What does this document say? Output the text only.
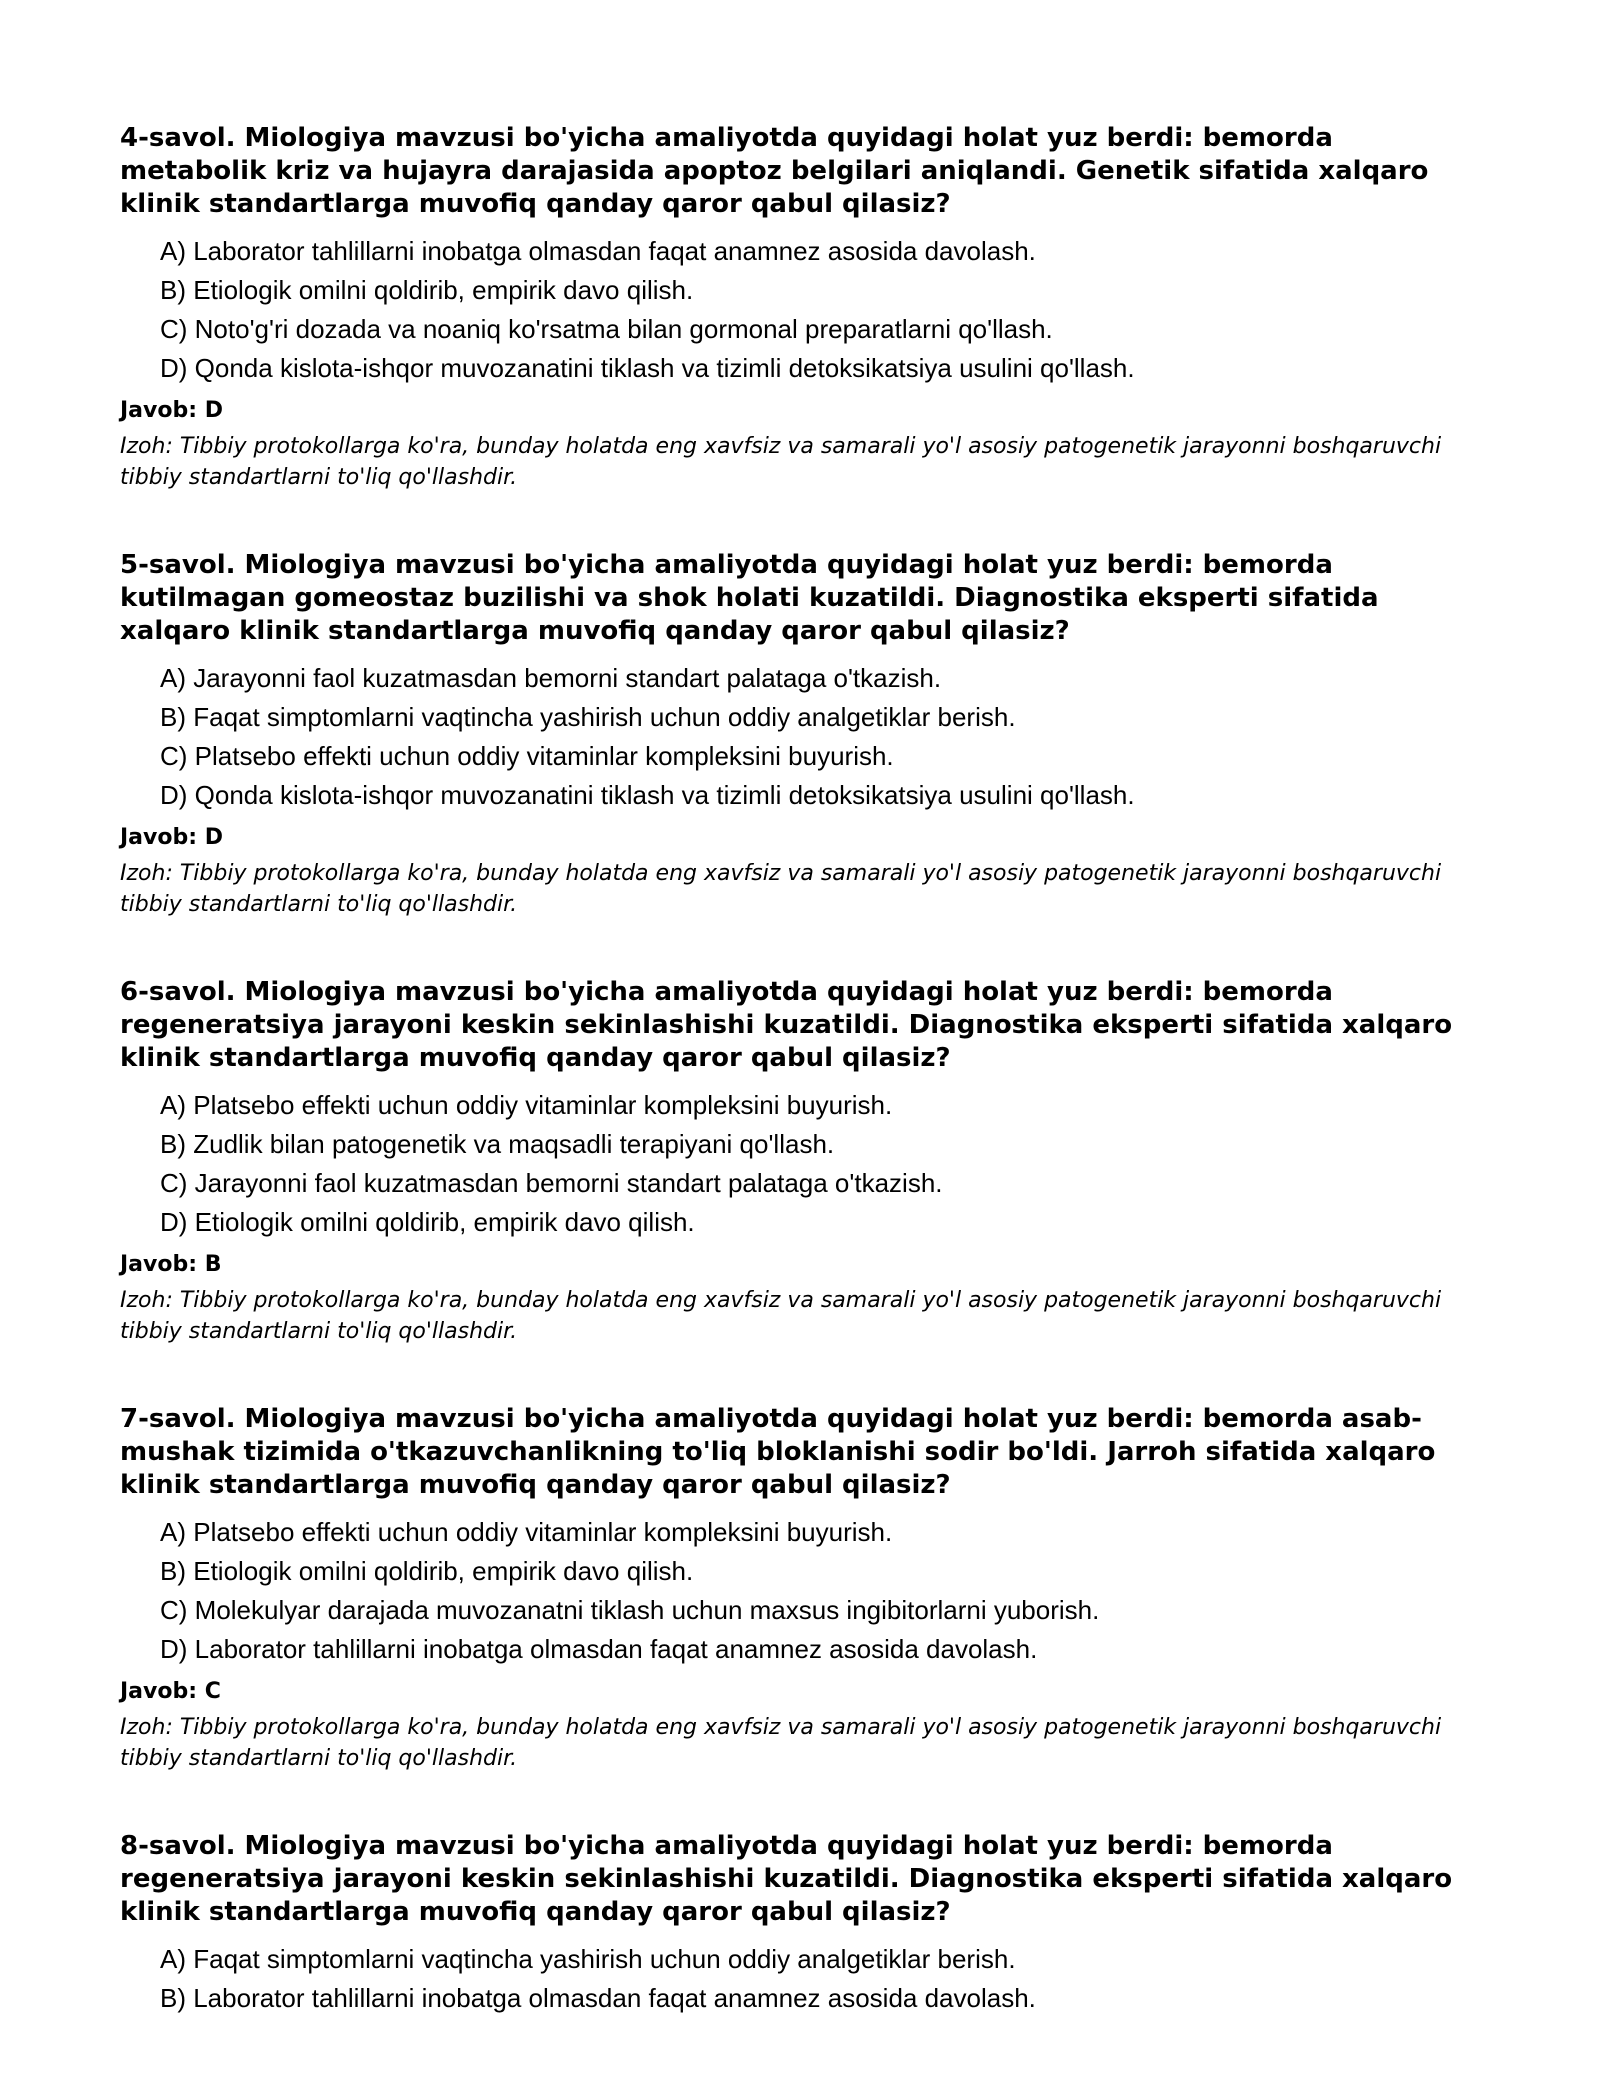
4-savol. Miologiya mavzusi bo'yicha amaliyotda quyidagi holat yuz berdi: bemorda metabolik kriz va hujayra darajasida apoptoz belgilari aniqlandi. Genetik sifatida xalqaro klinik standartlarga muvofiq qanday qaror qabul qilasiz?

A) Laborator tahlillarni inobatga olmasdan faqat anamnez asosida davolash.
B) Etiologik omilni qoldirib, empirik davo qilish.
C) Noto'g'ri dozada va noaniq ko'rsatma bilan gormonal preparatlarni qo'llash.
D) Qonda kislota-ishqor muvozanatini tiklash va tizimli detoksikatsiya usulini qo'llash.

Javob: D

Izoh: Tibbiy protokollarga ko'ra, bunday holatda eng xavfsiz va samarali yo'l asosiy patogenetik jarayonni boshqaruvchi tibbiy standartlarni to'liq qo'llashdir.

5-savol. Miologiya mavzusi bo'yicha amaliyotda quyidagi holat yuz berdi: bemorda kutilmagan gomeostaz buzilishi va shok holati kuzatildi. Diagnostika eksperti sifatida xalqaro klinik standartlarga muvofiq qanday qaror qabul qilasiz?

A) Jarayonni faol kuzatmasdan bemorni standart palataga o'tkazish.
B) Faqat simptomlarni vaqtincha yashirish uchun oddiy analgetiklar berish.
C) Platsebo effekti uchun oddiy vitaminlar kompleksini buyurish.
D) Qonda kislota-ishqor muvozanatini tiklash va tizimli detoksikatsiya usulini qo'llash.

Javob: D

Izoh: Tibbiy protokollarga ko'ra, bunday holatda eng xavfsiz va samarali yo'l asosiy patogenetik jarayonni boshqaruvchi tibbiy standartlarni to'liq qo'llashdir.

6-savol. Miologiya mavzusi bo'yicha amaliyotda quyidagi holat yuz berdi: bemorda regeneratsiya jarayoni keskin sekinlashishi kuzatildi. Diagnostika eksperti sifatida xalqaro klinik standartlarga muvofiq qanday qaror qabul qilasiz?

A) Platsebo effekti uchun oddiy vitaminlar kompleksini buyurish.
B) Zudlik bilan patogenetik va maqsadli terapiyani qo'llash.
C) Jarayonni faol kuzatmasdan bemorni standart palataga o'tkazish.
D) Etiologik omilni qoldirib, empirik davo qilish.

Javob: B

Izoh: Tibbiy protokollarga ko'ra, bunday holatda eng xavfsiz va samarali yo'l asosiy patogenetik jarayonni boshqaruvchi tibbiy standartlarni to'liq qo'llashdir.

7-savol. Miologiya mavzusi bo'yicha amaliyotda quyidagi holat yuz berdi: bemorda asab-mushak tizimida o'tkazuvchanlikning to'liq bloklanishi sodir bo'ldi. Jarroh sifatida xalqaro klinik standartlarga muvofiq qanday qaror qabul qilasiz?

A) Platsebo effekti uchun oddiy vitaminlar kompleksini buyurish.
B) Etiologik omilni qoldirib, empirik davo qilish.
C) Molekulyar darajada muvozanatni tiklash uchun maxsus ingibitorlarni yuborish.
D) Laborator tahlillarni inobatga olmasdan faqat anamnez asosida davolash.

Javob: C

Izoh: Tibbiy protokollarga ko'ra, bunday holatda eng xavfsiz va samarali yo'l asosiy patogenetik jarayonni boshqaruvchi tibbiy standartlarni to'liq qo'llashdir.

8-savol. Miologiya mavzusi bo'yicha amaliyotda quyidagi holat yuz berdi: bemorda regeneratsiya jarayoni keskin sekinlashishi kuzatildi. Diagnostika eksperti sifatida xalqaro klinik standartlarga muvofiq qanday qaror qabul qilasiz?

A) Faqat simptomlarni vaqtincha yashirish uchun oddiy analgetiklar berish.
B) Laborator tahlillarni inobatga olmasdan faqat anamnez asosida davolash.
